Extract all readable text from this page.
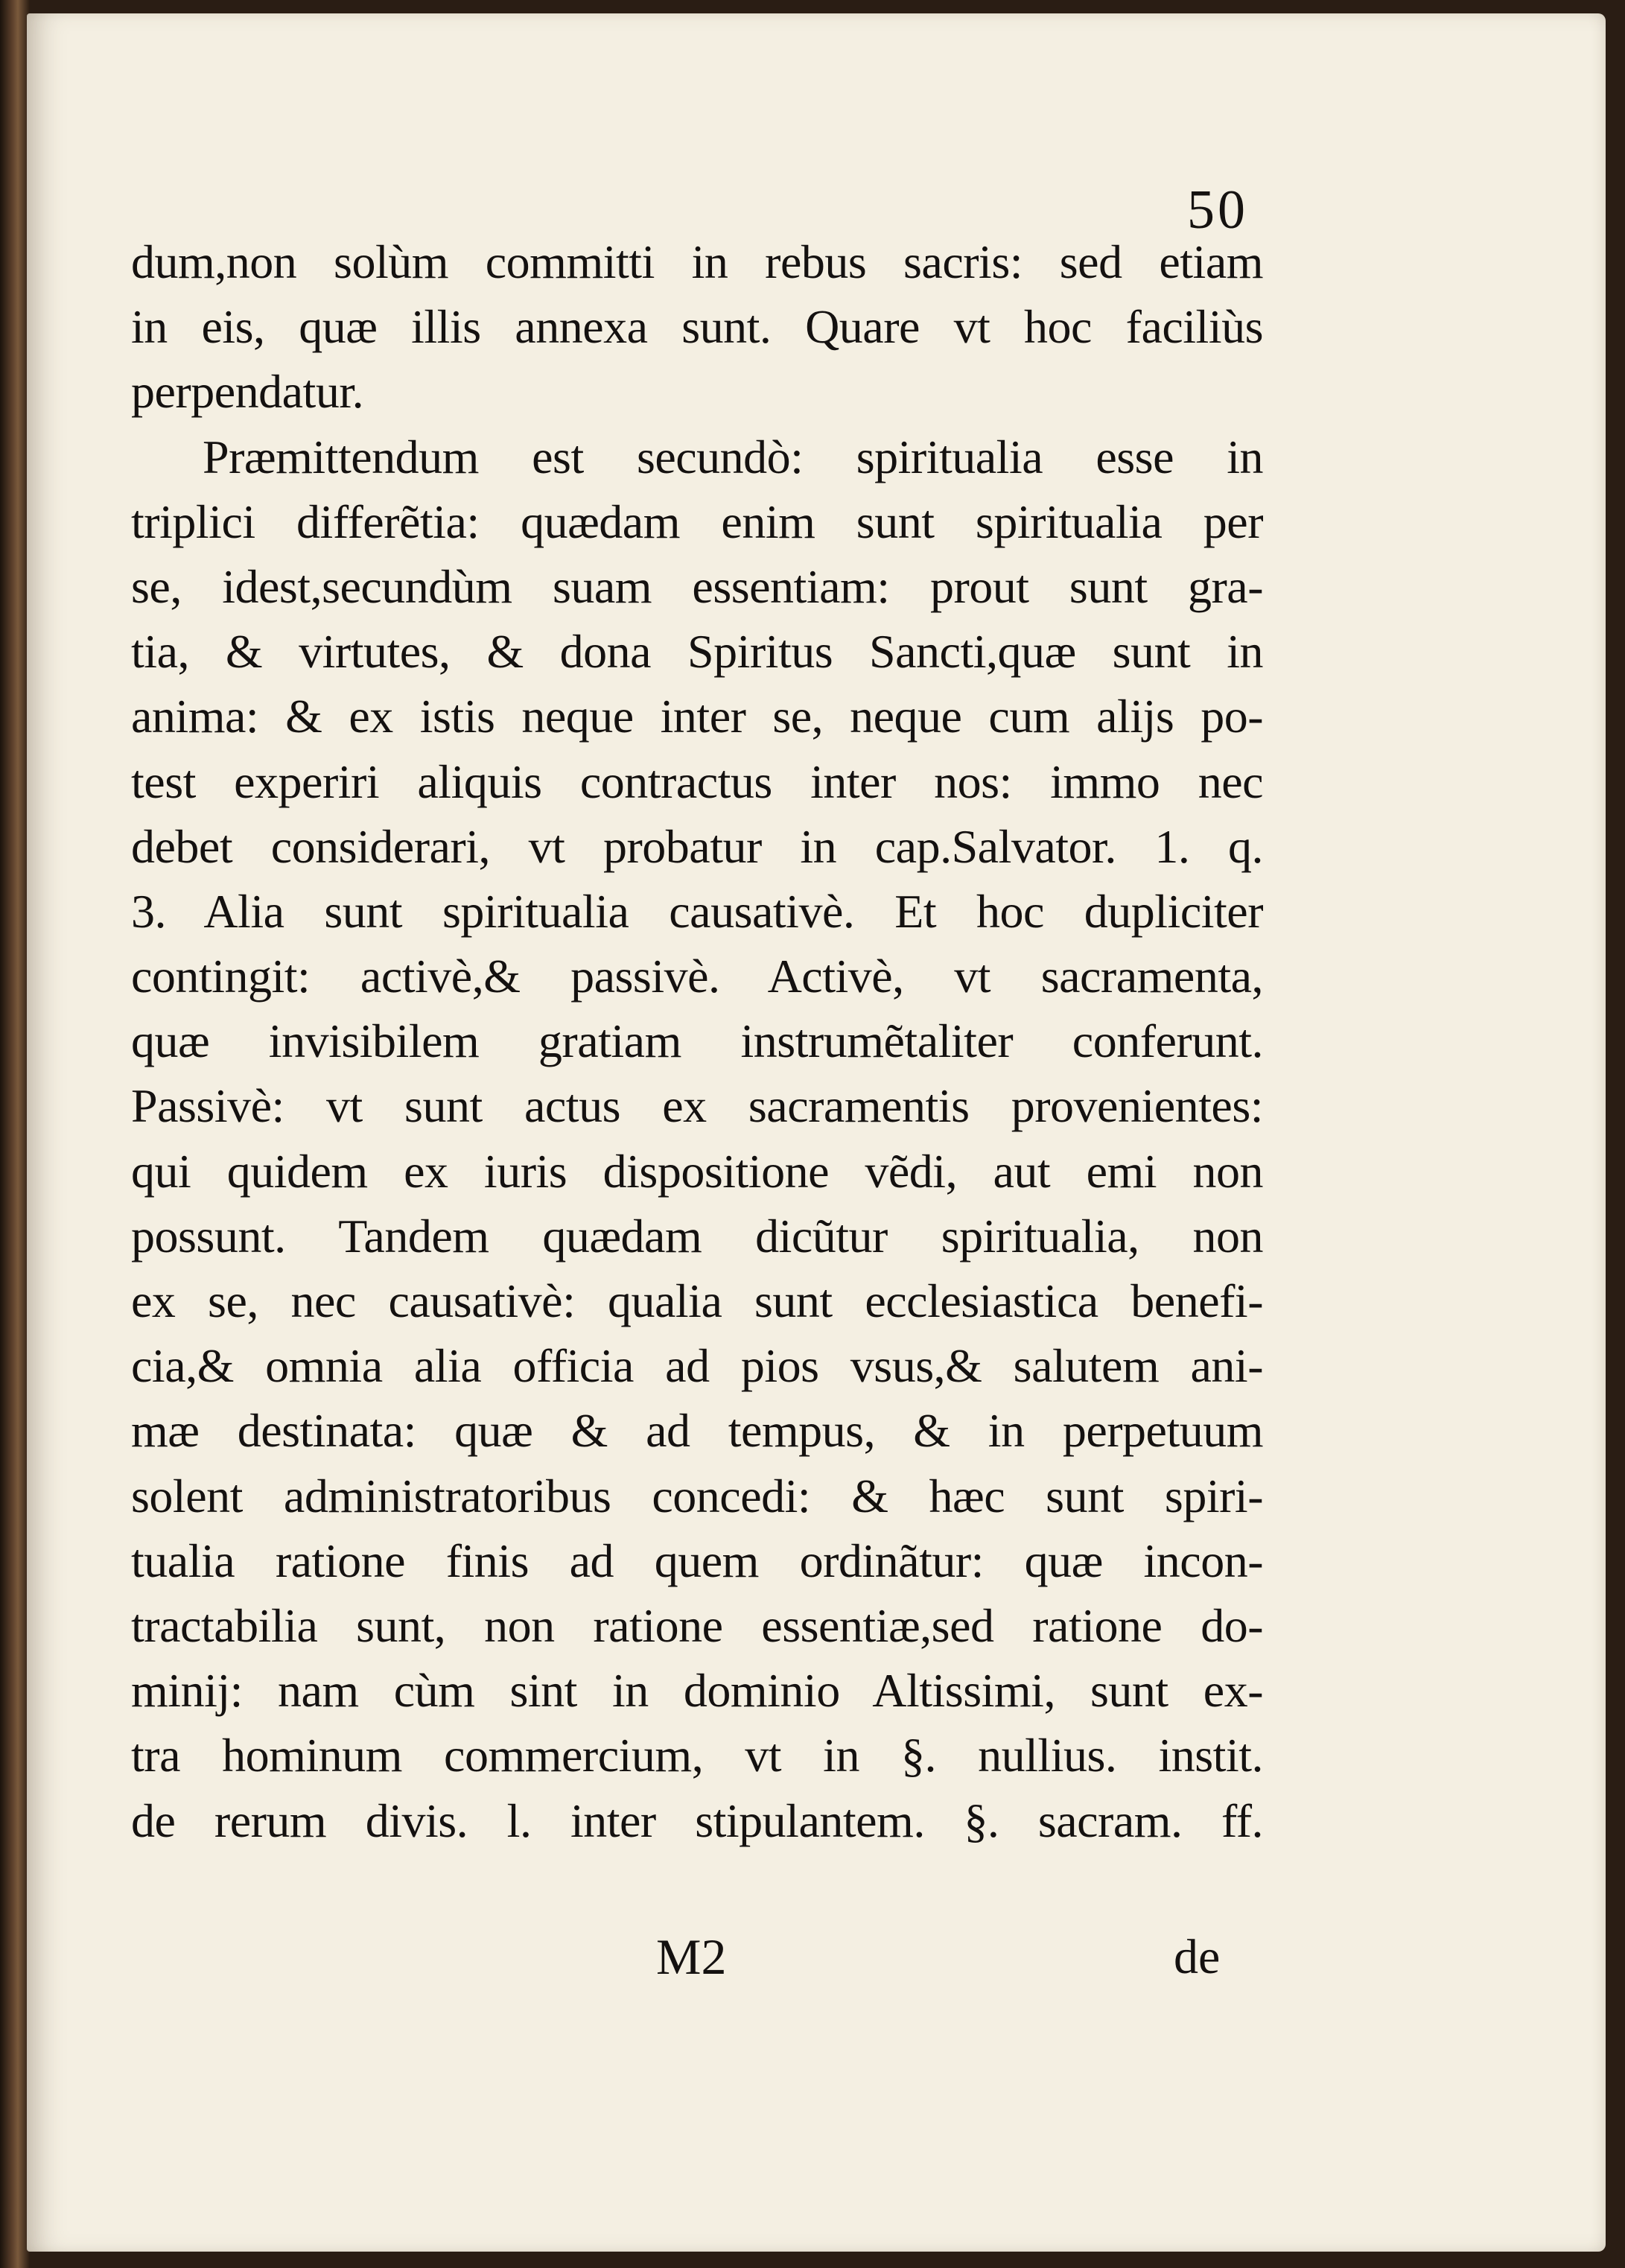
50
dum,non solùm committi in rebus sacris: sed etiam
in eis, quæ illis annexa sunt. Quare vt hoc faciliùs
perpendatur.
Præmittendum est secundò: spiritualia esse in
triplici differẽtia: quædam enim sunt spiritualia per
se, idest,secundùm suam essentiam: prout sunt gra-
tia, & virtutes, & dona Spiritus Sancti,quæ sunt in
anima: & ex istis neque inter se, neque cum alijs po-
test experiri aliquis contractus inter nos: immo nec
debet considerari, vt probatur in cap.Salvator. 1. q.
3. Alia sunt spiritualia causativè. Et hoc dupliciter
contingit: activè,& passivè. Activè, vt sacramenta,
quæ invisibilem gratiam instrumẽtaliter conferunt.
Passivè: vt sunt actus ex sacramentis provenientes:
qui quidem ex iuris dispositione vẽdi, aut emi non
possunt. Tandem quædam dicũtur spiritualia, non
ex se, nec causativè: qualia sunt ecclesiastica benefi-
cia,& omnia alia officia ad pios vsus,& salutem ani-
mæ destinata: quæ & ad tempus, & in perpetuum
solent administratoribus concedi: & hæc sunt spiri-
tualia ratione finis ad quem ordinãtur: quæ incon-
tractabilia sunt, non ratione essentiæ,sed ratione do-
minij: nam cùm sint in dominio Altissimi, sunt ex-
tra hominum commercium, vt in §. nullius. instit.
de rerum divis. l. inter stipulantem. §. sacram. ff.
M2	de
